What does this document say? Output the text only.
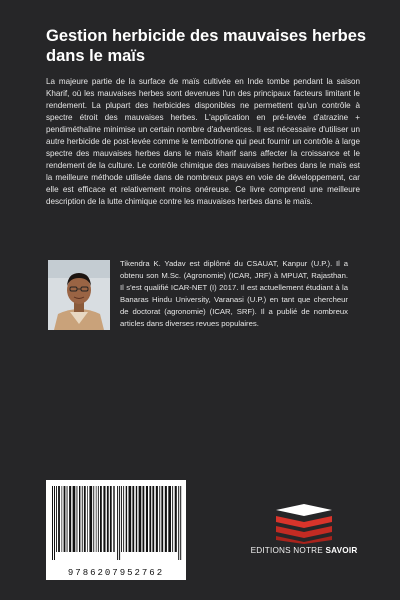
Gestion herbicide des mauvaises herbes dans le maïs

La majeure partie de la surface de maïs cultivée en Inde tombe pendant la saison Kharif, où les mauvaises herbes sont devenues l'un des principaux facteurs limitant le rendement. La plupart des herbicides disponibles ne permettent qu'un contrôle à spectre étroit des mauvaises herbes. L'application en pré-levée d'atrazine + pendiméthaline minimise un certain nombre d'adventices. Il est nécessaire d'utiliser un autre herbicide de post-levée comme le tembotrione qui peut fournir un contrôle à large spectre des mauvaises herbes dans le maïs kharif sans affecter la croissance et le rendement de la culture. Le contrôle chimique des mauvaises herbes dans le maïs est la meilleure méthode utilisée dans de nombreux pays en voie de développement, car elle est efficace et relativement moins onéreuse. Ce livre comprend une meilleure description de la lutte chimique contre les mauvaises herbes dans le maïs.

Tikendra K. Yadav est diplômé du CSAUAT, Kanpur (U.P.). Il a obtenu son M.Sc. (Agronomie) (ICAR, JRF) à MPUAT, Rajasthan. Il s'est qualifié ICAR-NET (I) 2017. Il est actuellement étudiant à la Banaras Hindu University, Varanasi (U.P.) en tant que chercheur de doctorat (agronomie) (ICAR, SRF). Il a publié de nombreux articles dans diverses revues populaires.

9786207952762

EDITIONS NOTRE SAVOIR
